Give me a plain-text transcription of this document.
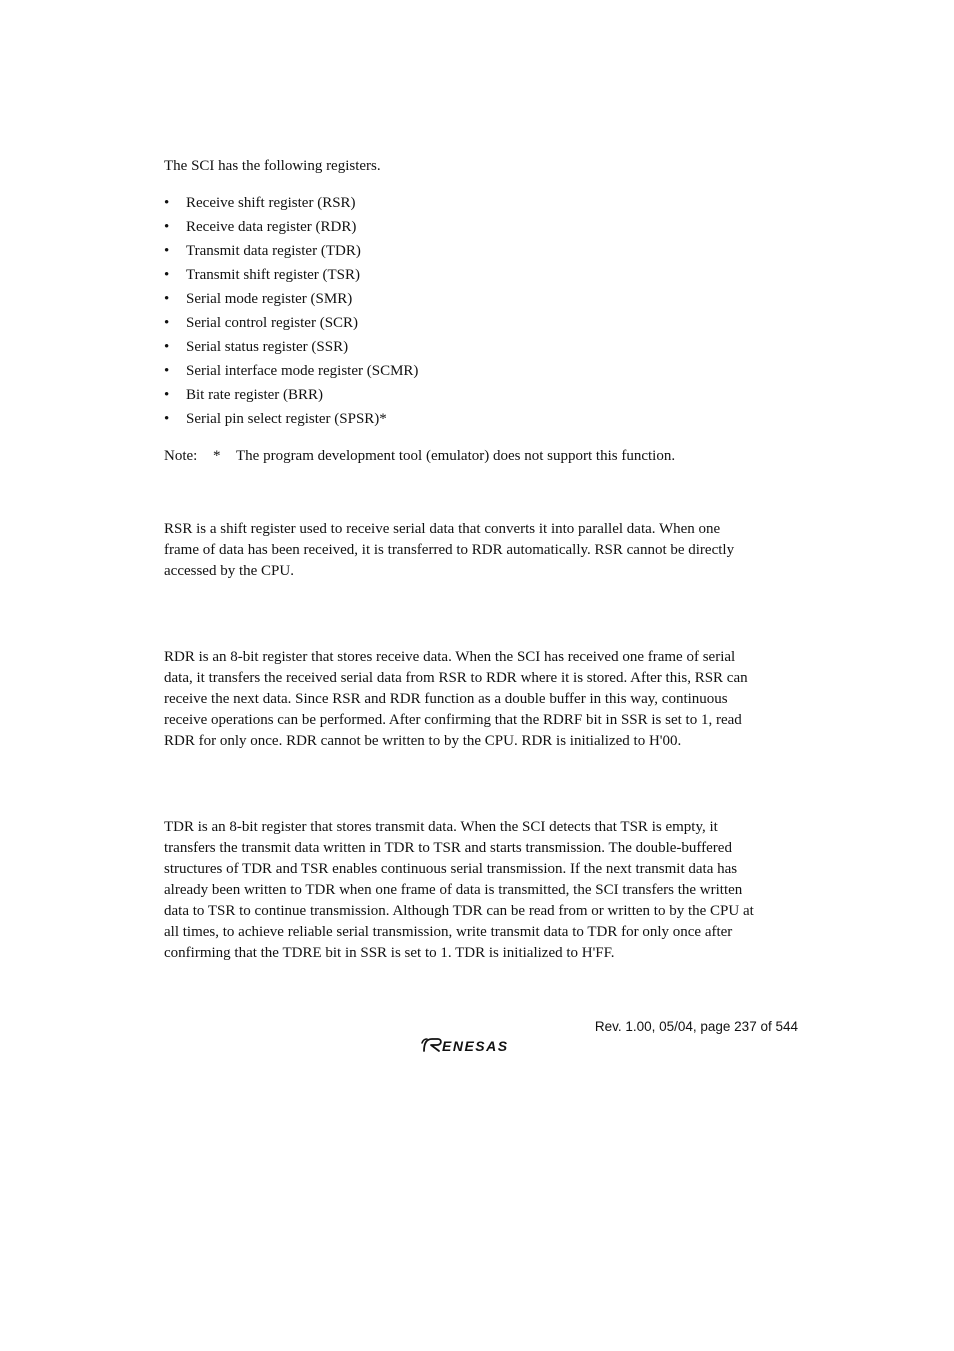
The SCI has the following registers.

• Receive shift register (RSR)
• Receive data register (RDR)
• Transmit data register (TDR)
• Transmit shift register (TSR)
• Serial mode register (SMR)
• Serial control register (SCR)
• Serial status register (SSR)
• Serial interface mode register (SCMR)
• Bit rate register (BRR)
• Serial pin select register (SPSR)*
Note:	*	The program development tool (emulator) does not support this function.

RSR is a shift register used to receive serial data that converts it into parallel data. When one

frame of data has been received, it is transferred to RDR automatically. RSR cannot be directly

accessed by the CPU.

RDR is an 8-bit register that stores receive data. When the SCI has received one frame of serial

data, it transfers the received serial data from RSR to RDR where it is stored. After this, RSR can

receive the next data. Since RSR and RDR function as a double buffer in this way, continuous

receive operations can be performed. After confirming that the RDRF bit in SSR is set to 1, read

RDR for only once. RDR cannot be written to by the CPU. RDR is initialized to H'00.

TDR is an 8-bit register that stores transmit data. When the SCI detects that TSR is empty, it

transfers the transmit data written in TDR to TSR and starts transmission. The double-buffered

structures of TDR and TSR enables continuous serial transmission. If the next transmit data has

already been written to TDR when one frame of data is transmitted, the SCI transfers the written

data to TSR to continue transmission. Although TDR can be read from or written to by the CPU at

all times, to achieve reliable serial transmission, write transmit data to TDR for only once after

confirming that the TDRE bit in SSR is set to 1. TDR is initialized to H'FF.

Rev. 1.00, 05/04, page 237 of 544
ENESAS
